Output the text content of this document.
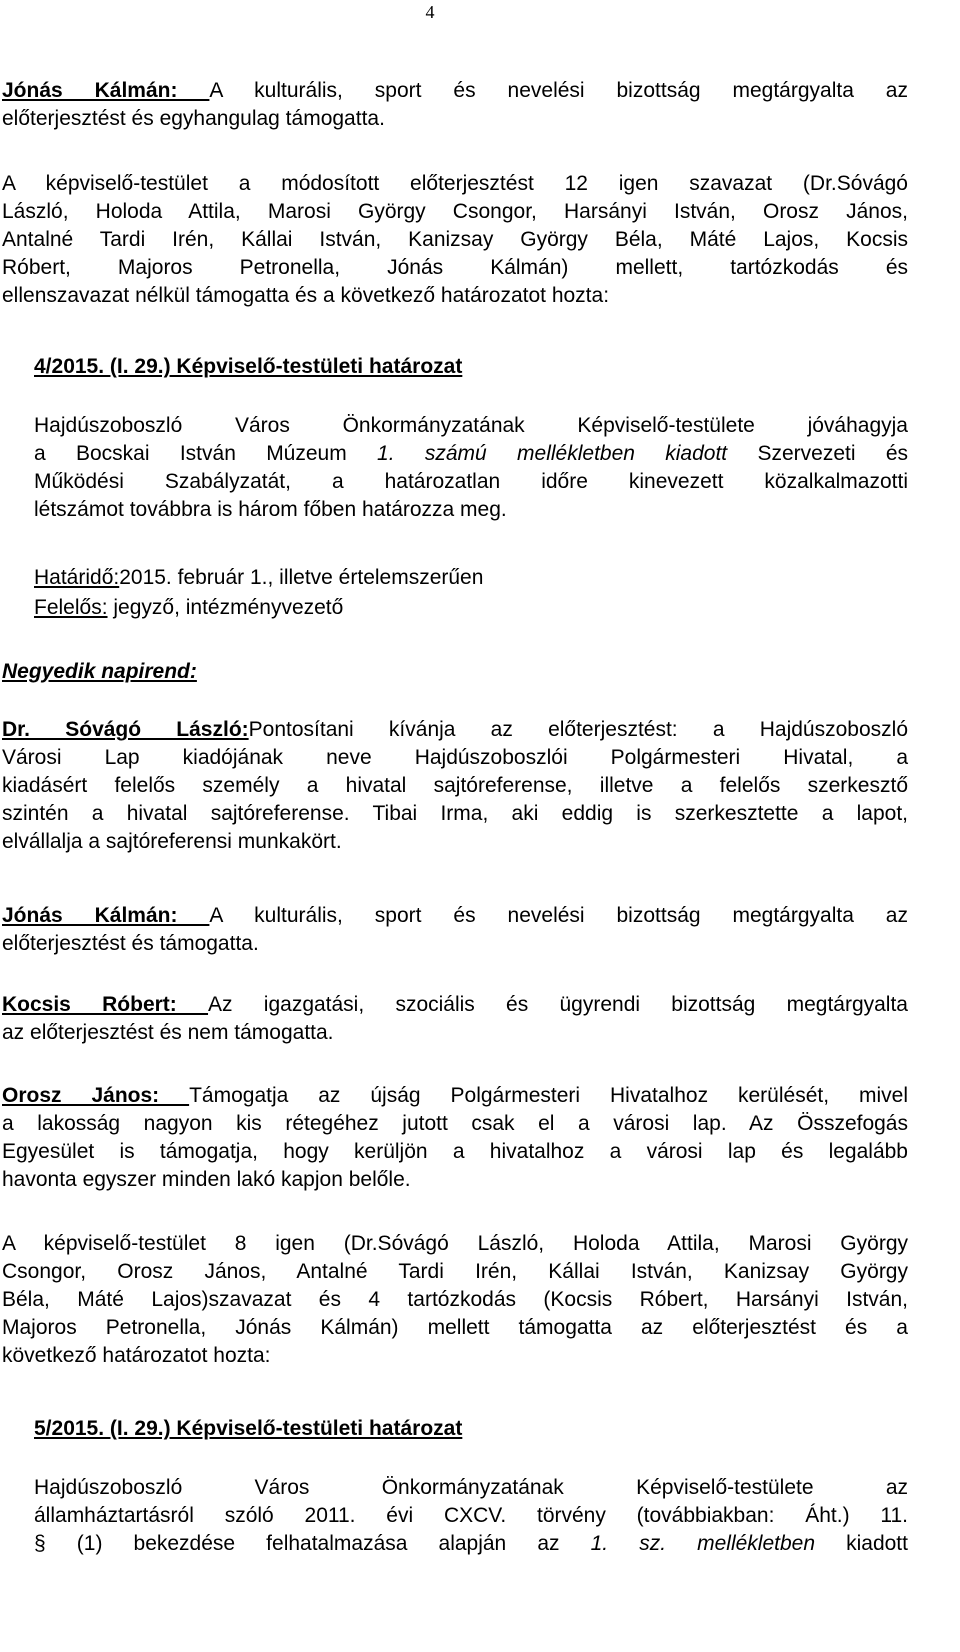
4
Jónás Kálmán: A kulturális, sport és nevelési bizottság megtárgyalta az
előterjesztést és egyhangulag támogatta.
A képviselő-testület a módosított előterjesztést 12 igen szavazat (Dr.Sóvágó
László, Holoda Attila, Marosi György Csongor, Harsányi István, Orosz János,
Antalné Tardi Irén, Kállai István, Kanizsay György Béla, Máté Lajos, Kocsis
Róbert, Majoros Petronella, Jónás Kálmán) mellett, tartózkodás és
ellenszavazat nélkül támogatta és a következő határozatot hozta:
4/2015. (I. 29.) Képviselő-testületi határozat
Hajdúszoboszló Város Önkormányzatának Képviselő-testülete jóváhagyja
a Bocskai István Múzeum 1. számú mellékletben kiadott Szervezeti és
Működési Szabályzatát, a határozatlan időre kinevezett közalkalmazotti
létszámot továbbra is három főben határozza meg.
Határidő:2015. február 1., illetve értelemszerűen
Felelős: jegyző, intézményvezető
Negyedik napirend:
Dr. Sóvágó László:Pontosítani kívánja az előterjesztést: a Hajdúszoboszló
Városi Lap kiadójának neve Hajdúszoboszlói Polgármesteri Hivatal, a
kiadásért felelős személy a hivatal sajtóreferense, illetve a felelős szerkesztő
szintén a hivatal sajtóreferense. Tibai Irma, aki eddig is szerkesztette a lapot,
elvállalja a sajtóreferensi munkakört.
Jónás Kálmán: A kulturális, sport és nevelési bizottság megtárgyalta az
előterjesztést és támogatta.
Kocsis Róbert: Az igazgatási, szociális és ügyrendi bizottság megtárgyalta
az előterjesztést és nem támogatta.
Orosz János: Támogatja az újság Polgármesteri Hivatalhoz kerülését, mivel
a lakosság nagyon kis rétegéhez jutott csak el a városi lap. Az Összefogás
Egyesület is támogatja, hogy kerüljön a hivatalhoz a városi lap és legalább
havonta egyszer minden lakó kapjon belőle.
A képviselő-testület 8 igen (Dr.Sóvágó László, Holoda Attila, Marosi György
Csongor, Orosz János, Antalné Tardi Irén, Kállai István, Kanizsay György
Béla, Máté Lajos)szavazat és 4 tartózkodás (Kocsis Róbert, Harsányi István,
Majoros Petronella, Jónás Kálmán) mellett támogatta az előterjesztést és a
következő határozatot hozta:
5/2015. (I. 29.) Képviselő-testületi határozat
Hajdúszoboszló Város Önkormányzatának Képviselő-testülete az
államháztartásról szóló 2011. évi CXCV. törvény (továbbiakban: Áht.) 11.
§ (1) bekezdése felhatalmazása alapján az 1. sz. mellékletben kiadott
